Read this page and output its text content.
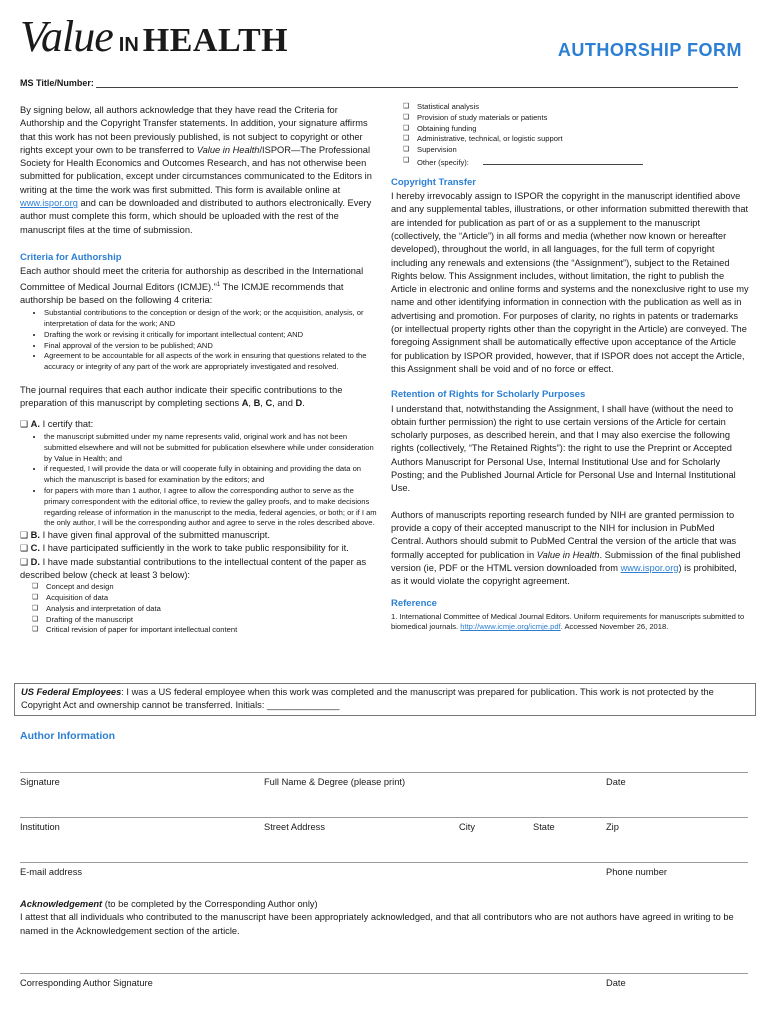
Value IN HEALTH	AUTHORSHIP FORM
MS Title/Number:

By signing below, all authors acknowledge that they have read the Criteria for Authorship and the Copyright Transfer statements. In addition, your signature affirms that this work has not been previously published, is not subject to copyright or other rights except your own to be transferred to Value in Health/ISPOR—The Professional Society for Health Economics and Outcomes Research, and has not otherwise been submitted for publication, except under circumstances communicated to the Editors in writing at the time the work was first submitted. This form is available online at www.ispor.org and can be downloaded and distributed to authors electronically. Every author must complete this form, which should be uploaded with the rest of the manuscript files at the time of submission.

Criteria for Authorship

Each author should meet the criteria for authorship as described in the International Committee of Medical Journal Editors (ICMJE).”$^1$ The ICMJE recommends that authorship be based on the following 4 criteria:

• Substantial contributions to the conception or design of the work; or the acquisition, analysis, or interpretation of data for the work; AND
• Drafting the work or revising it critically for important intellectual content; AND
• Final approval of the version to be published; AND
• Agreement to be accountable for all aspects of the work in ensuring that questions related to the accuracy or integrity of any part of the work are appropriately investigated and resolved.

The journal requires that each author indicate their specific contributions to the preparation of this manuscript by completing sections A, B, C, and D.

❑ A. I certify that:

• the manuscript submitted under my name represents valid, original work and has not been submitted elsewhere and will not be submitted for publication elsewhere while under consideration by Value in Health; and
• if requested, I will provide the data or will cooperate fully in obtaining and providing the data on which the manuscript is based for examination by the editors; and
• for papers with more than 1 author, I agree to allow the corresponding author to serve as the primary correspondent with the editorial office, to review the galley proofs, and to make decisions regarding release of information in the manuscript to the media, federal agencies, or both; or if I am the only author, I will be the corresponding author and agree to serve in the roles described above.

❑ B. I have given final approval of the submitted manuscript.

❑ C. I have participated sufficiently in the work to take public responsibility for it.

❑ D. I have made substantial contributions to the intellectual content of the paper as described below (check at least 3 below):

❑ Concept and design
❑ Acquisition of data
❑ Analysis and interpretation of data
❑ Drafting of the manuscript
❑ Critical revision of paper for important intellectual content
❑ Statistical analysis
❑ Provision of study materials or patients
❑ Obtaining funding
❑ Administrative, technical, or logistic support
❑ Supervision
❑ Other (specify):
Copyright Transfer

I hereby irrevocably assign to ISPOR the copyright in the manuscript identified above and any supplemental tables, illustrations, or other information submitted therewith that are intended for publication as part of or as a supplement to the manuscript (collectively, the “Article”) in all forms and media (whether now known or hereafter developed), throughout the world, in all languages, for the full term of copyright including any renewals and extensions (the “Assignment”), subject to the Retained Rights below. This Assignment includes, without limitation, the right to publish the Article in electronic and online forms and systems and the nonexclusive right to use my name and other identifying information in connection with the publication as well as in advertising and promotion. For purposes of clarity, no rights in patents or trademarks (or intellectual property rights other than the copyright in the Article) are conveyed. The foregoing Assignment shall be automatically effective upon acceptance of the Article for publication by ISPOR provided, however, that if ISPOR does not accept the Article, this Assignment shall be void and of no force or effect.

Retention of Rights for Scholarly Purposes

I understand that, notwithstanding the Assignment, I shall have (without the need to obtain further permission) the right to use certain versions of the Article for certain scholarly purposes, as described herein, and that I may also exercise the following rights (collectively, “The Retained Rights”): the right to use the Preprint or Accepted Authors Manuscript for Personal Use, Internal Institutional Use and for Scholarly Posting; and the Published Journal Article for Personal Use and Internal Institutional Use.

Authors of manuscripts reporting research funded by NIH are granted permission to provide a copy of their accepted manuscript to the NIH for inclusion in PubMed Central. Authors should submit to PubMed Central the version of the article that was formally accepted for publication in Value in Health. Submission of the final published version (ie, PDF or the HTML version downloaded from www.ispor.org) is prohibited, as it would violate the copyright agreement.

Reference

1. International Committee of Medical Journal Editors. Uniform requirements for manuscripts submitted to biomedical journals. http://www.icmje.org/icmje.pdf. Accessed November 26, 2018.

US Federal Employees: I was a US federal employee when this work was completed and the manuscript was prepared for publication. This work is not protected by the Copyright Act and ownership cannot be transferred. Initials: ______________
Author Information
Signature	Full Name & Degree (please print)	Date
Institution	Street Address	City	State	Zip
E-mail address	Phone number

Acknowledgement (to be completed by the Corresponding Author only)

I attest that all individuals who contributed to the manuscript have been appropriately acknowledged, and that all contributors who are not authors have agreed in writing to be named in the Acknowledgement section of the article.

Corresponding Author Signature	Date
